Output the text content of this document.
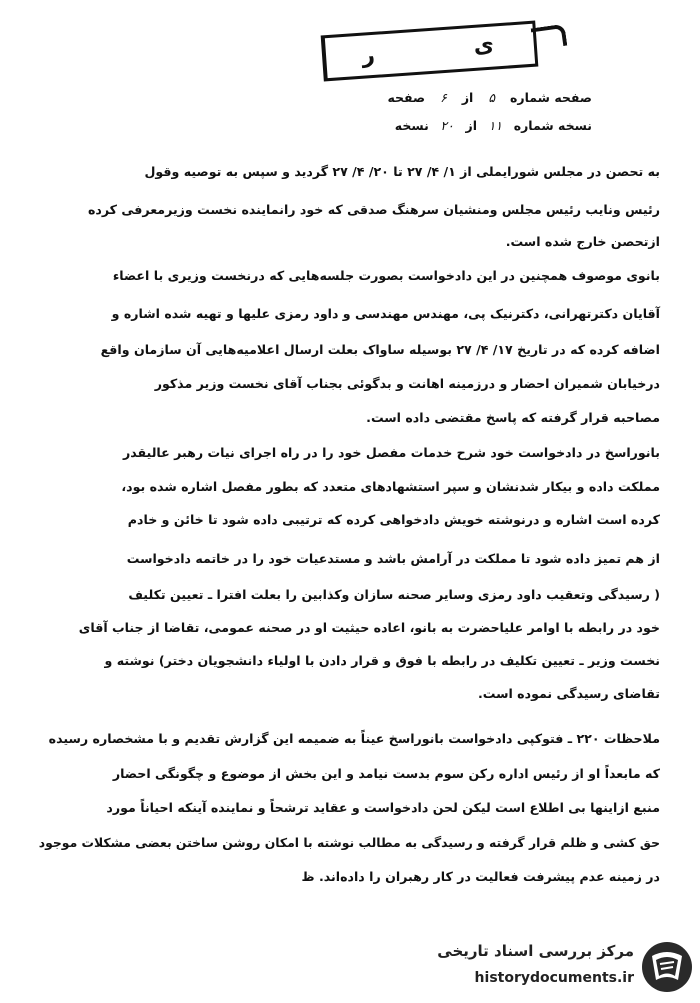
ی
ر
صفحه شماره ۵ از ۶ صفحه
نسخه شماره ۱۱ از ۲۰ نسخه
به تحصن در مجلس شورایملی از ۱/ ۴/ ۲۷ تا ۲۰/ ۴/ ۲۷ گردید و سپس به توصیه وقول
رئیس ونایب رئیس مجلس ومنشیان سرهنگ صدقی که خود رانماینده نخست وزیرمعرفی کرده
ازتحصن خارج شده است.
بانوی موصوف همچنین در این دادخواست بصورت جلسه‌هایی که درنخست وزیری با اعضاء
آقایان دکترتهرانی، دکترنیک پی، مهندس مهندسی و داود رمزی علیها و تهیه شده اشاره و
اضافه کرده که در تاریخ ۱۷/ ۴/ ۲۷ بوسیله ساواک بعلت ارسال اعلامیه‌هایی آن سازمان واقع
درخیابان شمیران احضار و درزمینه اهانت و بدگوئی بجناب آقای نخست وزیر مذکور
مصاحبه قرار گرفته که پاسخ مقتضی داده است.
بانوراسخ در دادخواست خود شرح خدمات مفصل خود را در راه اجرای نیات رهبر عالیقدر
مملکت داده و بیکار شدنشان و سپر استشهادهای متعدد که بطور مفصل اشاره شده بود،
کرده است اشاره و درنوشته خویش دادخواهی کرده که ترتیبی داده شود تا خائن و خادم
از هم تمیز داده شود تا مملکت در آرامش باشد و مستدعیات خود را در خاتمه دادخواست
( رسیدگی وتعقیب داود رمزی وسایر صحنه سازان وکذابین را بعلت افترا ـ تعیین تکلیف
خود در رابطه با اوامر علیاحضرت به بانو، اعاده حیثیت او در صحنه عمومی، تقاضا از جناب آقای
نخست وزیر ـ تعیین تکلیف در رابطه با فوق و قرار دادن با اولیاء دانشجویان دختر) نوشته و
تقاضای رسیدگی نموده است.
ملاحظات ۲۲۰ ـ فتوکپی دادخواست بانوراسخ عیناً به ضمیمه این گزارش تقدیم و با مشخصاره رسیده
که مابعداً او از رئیس اداره رکن سوم بدست نیامد و این بخش از موضوع و چگونگی احضار
منبع ازاینها بی اطلاع است لیکن لحن دادخواست و عقاید ترشحاً و نماینده آینکه احیاناً مورد
حق کشی و ظلم قرار گرفته و رسیدگی به مطالب نوشته با امکان روشن ساختن بعضی مشکلات موجود
در زمینه عدم پیشرفت فعالیت در کار رهبران را داده‌اند. ظ
مرکز بررسی اسناد تاریخی
historydocuments.ir
